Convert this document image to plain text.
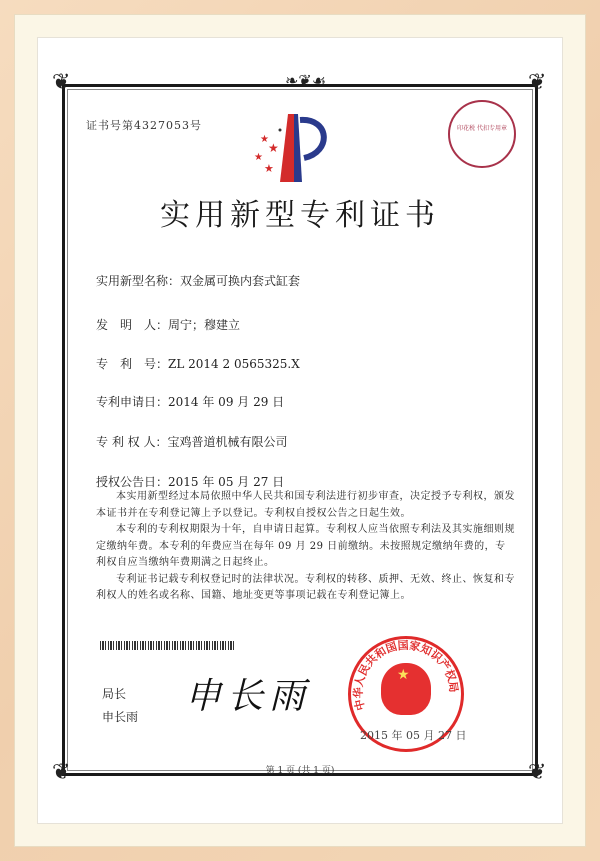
❦	❦
❦	❦
❧❦☙
证书号第4327053号
★
★
★
★
印花税 代扣专用章
实用新型专利证书
实用新型名称：双金属可换内套式缸套
发　明　人：周宁；穆建立
专　利　号：ZL 2014 2 0565325.X
专利申请日：2014 年 09 月 29 日
专 利 权 人：宝鸡普道机械有限公司
授权公告日：2015 年 05 月 27 日

本实用新型经过本局依照中华人民共和国专利法进行初步审查，决定授予专利权，颁发本证书并在专利登记簿上予以登记。专利权自授权公告之日起生效。

本专利的专利权期限为十年，自申请日起算。专利权人应当依照专利法及其实施细则规定缴纳年费。本专利的年费应当在每年 09 月 29 日前缴纳。未按照规定缴纳年费的，专利权自应当缴纳年费期满之日起终止。

专利证书记载专利权登记时的法律状况。专利权的转移、质押、无效、终止、恢复和专利权人的姓名或名称、国籍、地址变更等事项记载在专利登记簿上。

局长
申长雨 申长雨	中华人民共和国国家知识产权局
★
2015 年 05 月 27 日
第 1 页 (共 1 页)
